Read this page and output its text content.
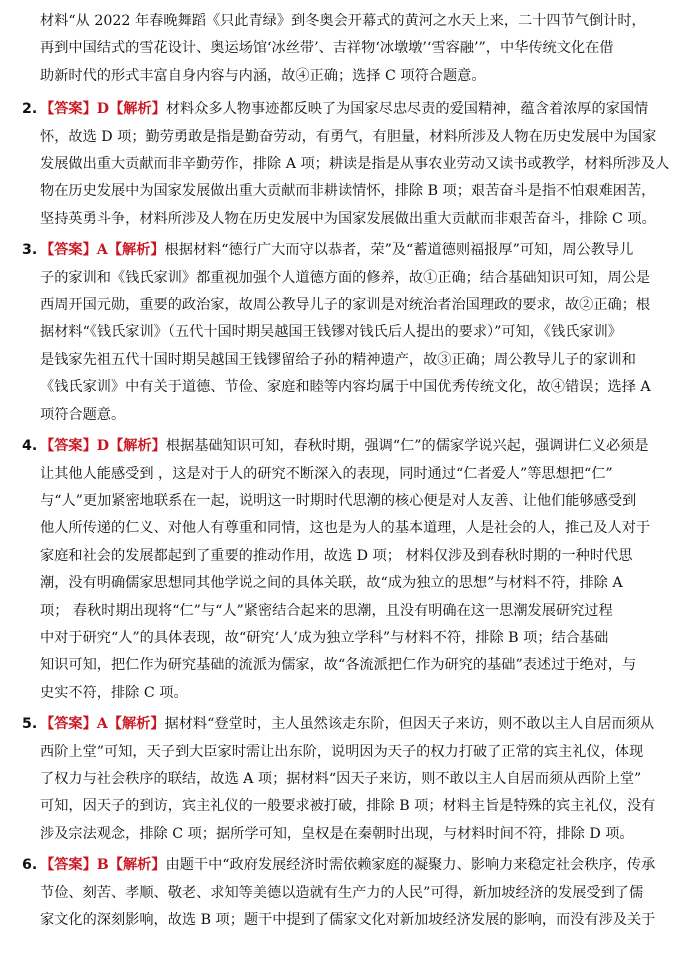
材料“从 2022 年春晚舞蹈《只此青绿》到冬奥会开幕式的黄河之水天上来，二十四节气倒计时，
再到中国结式的雪花设计、奥运场馆‘冰丝带’、吉祥物‘冰墩墩’‘雪容融’”，中华传统文化在借
助新时代的形式丰富自身内容与内涵，故④正确；选择 C 项符合题意。
2. 【答案】D【解析】材料众多人物事迹都反映了为国家尽忠尽责的爱国精神，蕴含着浓厚的家国情
怀，故选 D 项；勤劳勇敢是指是勤奋劳动，有勇气，有胆量，材料所涉及人物在历史发展中为国家
发展做出重大贡献而非辛勤劳作，排除 A 项；耕读是指是从事农业劳动又读书或教学，材料所涉及人
物在历史发展中为国家发展做出重大贡献而非耕读情怀，排除 B 项；艰苦奋斗是指不怕艰难困苦，
坚持英勇斗争，材料所涉及人物在历史发展中为国家发展做出重大贡献而非艰苦奋斗，排除 C 项。
3. 【答案】A【解析】根据材料“德行广大而守以恭者，荣”及“蓄道德则福报厚”可知，周公教导儿
子的家训和《钱氏家训》都重视加强个人道德方面的修养，故①正确；结合基础知识可知，周公是
西周开国元勋，重要的政治家，故周公教导儿子的家训是对统治者治国理政的要求，故②正确；根
据材料“《钱氏家训》（五代十国时期吴越国王钱镠对钱氏后人提出的要求）”可知，《钱氏家训》
是钱家先祖五代十国时期吴越国王钱镠留给子孙的精神遗产，故③正确；周公教导儿子的家训和
《钱氏家训》中有关于道德、节俭、家庭和睦等内容均属于中国优秀传统文化，故④错误；选择 A
项符合题意。
4. 【答案】D【解析】根据基础知识可知，春秋时期，强调“仁”的儒家学说兴起，强调讲仁义必须是
让其他人能感受到 ，这是对于人的研究不断深入的表现，同时通过“仁者爱人”等思想把“仁”
与“人”更加紧密地联系在一起，说明这一时期时代思潮的核心便是对人友善、让他们能够感受到
他人所传递的仁义、对他人有尊重和同情，这也是为人的基本道理，人是社会的人，推己及人对于
家庭和社会的发展都起到了重要的推动作用，故选 D 项； 材料仅涉及到春秋时期的一种时代思
潮，没有明确儒家思想同其他学说之间的具体关联，故“成为独立的思想”与材料不符，排除 A
项； 春秋时期出现将“仁”与“人”紧密结合起来的思潮，且没有明确在这一思潮发展研究过程
中对于研究“人”的具体表现，故“研究‘人’成为独立学科”与材料不符，排除 B 项；结合基础
知识可知，把仁作为研究基础的流派为儒家，故“各流派把仁作为研究的基础”表述过于绝对，与
史实不符，排除 C 项。
5. 【答案】A【解析】据材料“登堂时，主人虽然该走东阶，但因天子来访，则不敢以主人自居而须从
西阶上堂”可知，天子到大臣家时需让出东阶，说明因为天子的权力打破了正常的宾主礼仪，体现
了权力与社会秩序的联结，故选 A 项；据材料“因天子来访，则不敢以主人自居而须从西阶上堂”
可知，因天子的到访，宾主礼仪的一般要求被打破，排除 B 项；材料主旨是特殊的宾主礼仪，没有
涉及宗法观念，排除 C 项；据所学可知，皇权是在秦朝时出现，与材料时间不符，排除 D 项。
6. 【答案】B【解析】由题干中“政府发展经济时需依赖家庭的凝聚力、影响力来稳定社会秩序，传承
节俭、刻苦、孝顺、敬老、求知等美德以造就有生产力的人民”可得，新加坡经济的发展受到了儒
家文化的深刻影响，故选 B 项；题干中提到了儒家文化对新加坡经济发展的影响，而没有涉及关于
